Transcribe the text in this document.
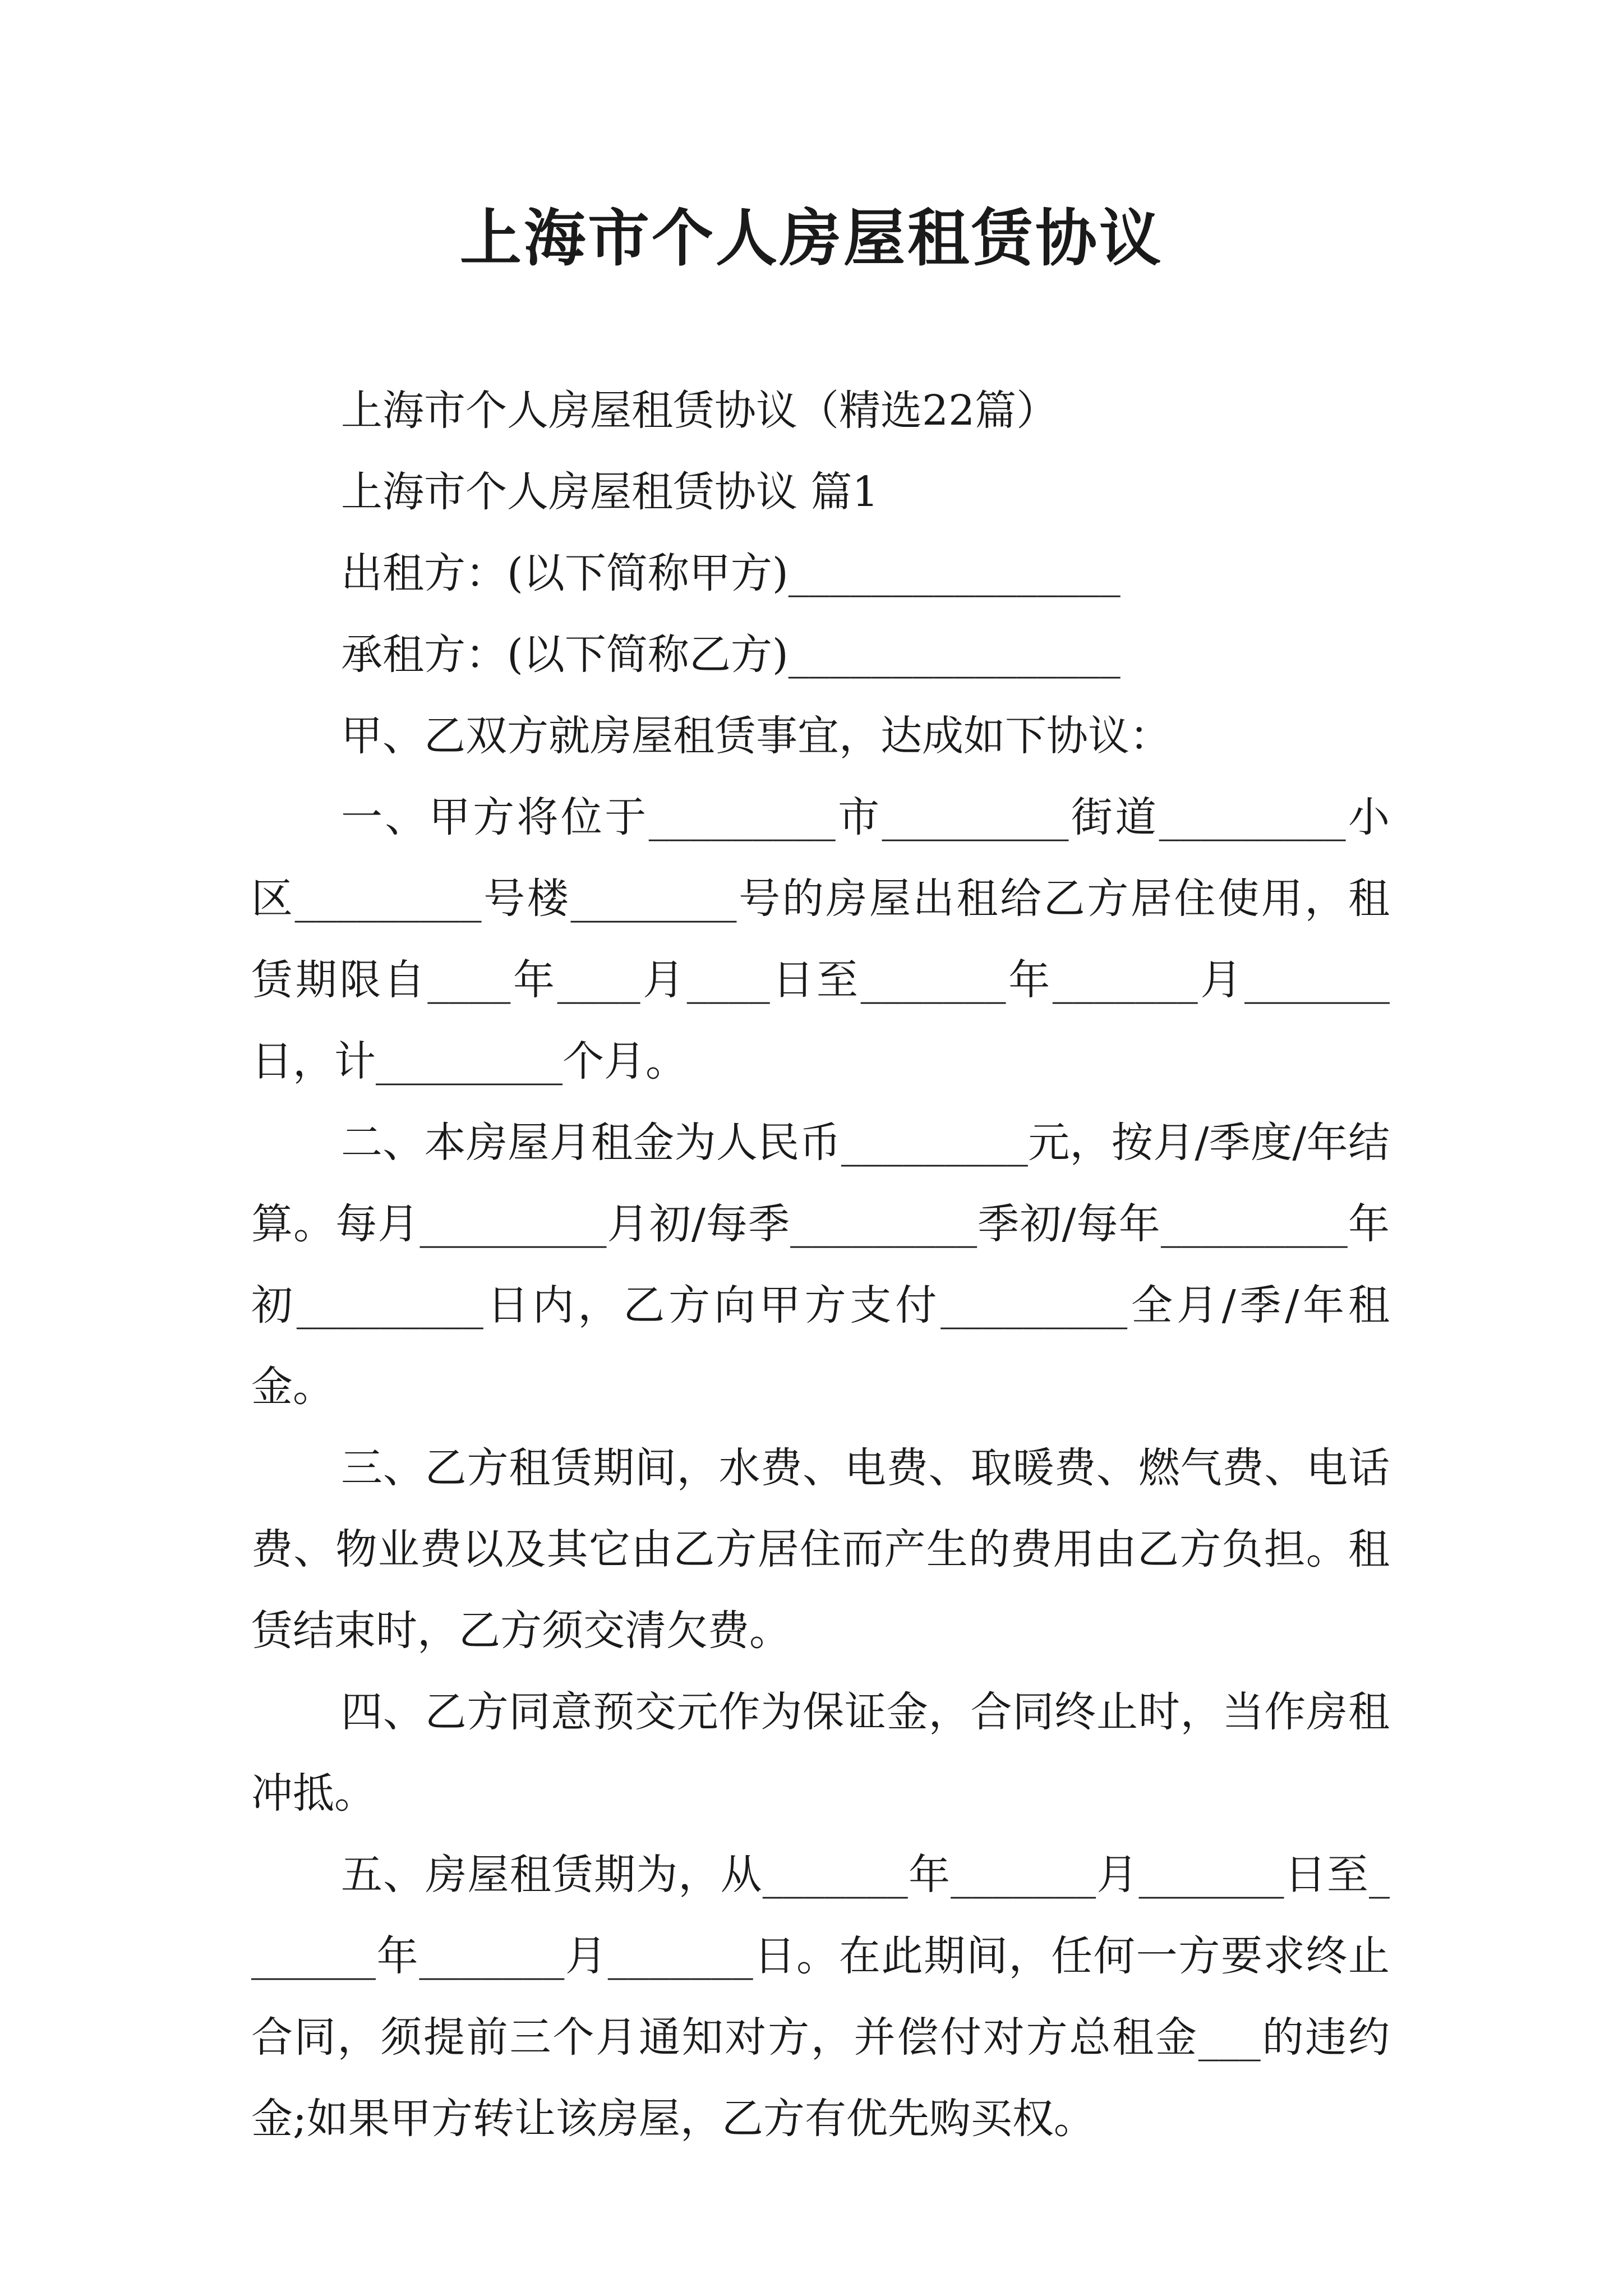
上海市个人房屋租赁协议

上海市个人房屋租赁协议（精选22篇）

上海市个人房屋租赁协议 篇1

出租方：(以下简称甲方)________________

承租方：(以下简称乙方)________________

甲、乙双方就房屋租赁事宜，达成如下协议：

一、甲方将位于_________市_________街道_________小区_________号楼________号的房屋出租给乙方居住使用，租赁期限自____年____月____日至_______年_______月_______日，计_________个月。

二、本房屋月租金为人民币_________元，按月/季度/年结算。每月_________月初/每季_________季初/每年_________年初_________日内，乙方向甲方支付_________全月/季/年租金。

三、乙方租赁期间，水费、电费、取暖费、燃气费、电话费、物业费以及其它由乙方居住而产生的费用由乙方负担。租赁结束时，乙方须交清欠费。

四、乙方同意预交元作为保证金，合同终止时，当作房租冲抵。

五、房屋租赁期为，从_______年_______月_______日至_______年_______月_______日。在此期间，任何一方要求终止合同，须提前三个月通知对方，并偿付对方总租金___的违约金;如果甲方转让该房屋，乙方有优先购买权。
